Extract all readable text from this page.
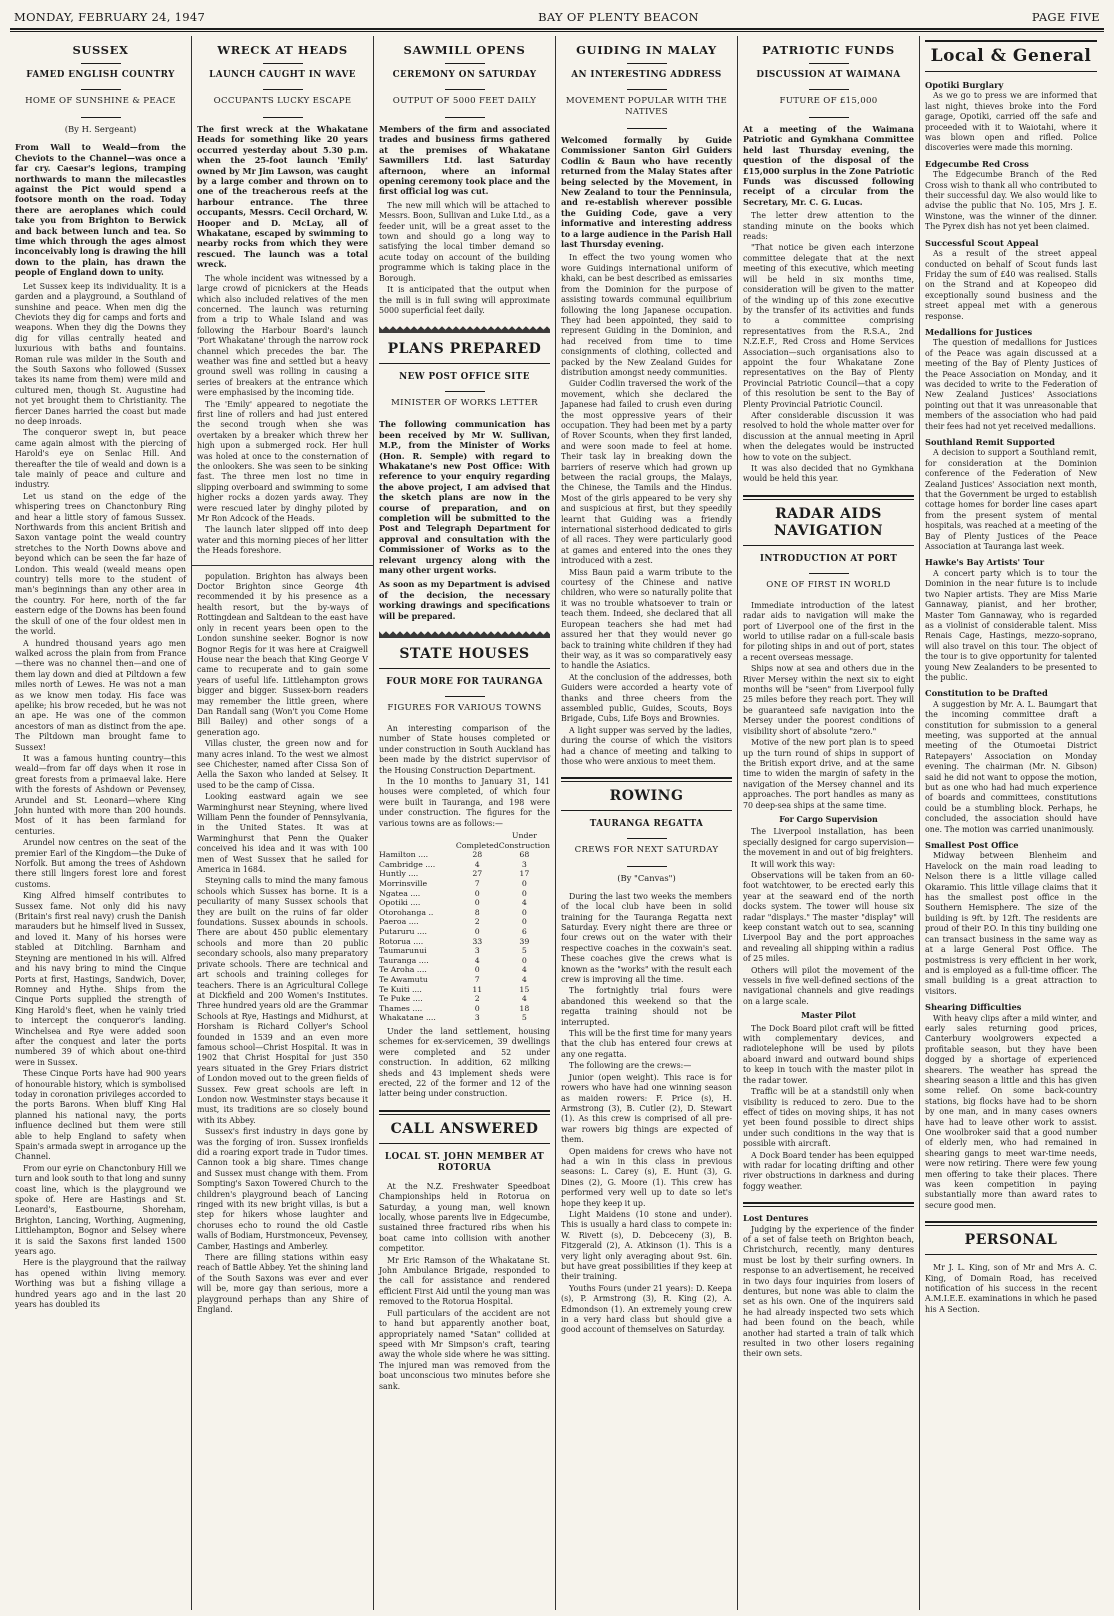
MONDAY, FEBRUARY 24, 1947	BAY OF PLENTY BEACON	PAGE FIVE
SUSSEX
FAMED ENGLISH COUNTRY
HOME OF SUNSHINE & PEACE
(By H. Sergeant)

From Wall to Weald—from the Cheviots to the Channel—was once a far cry. Caesar's legions, tramping northwards to mann the milecastles against the Pict would spend a footsore month on the road. Today there are aeroplanes which could take you from Brighton to Berwick and back between lunch and tea. So time which through the ages almost inconceivably long is drawing the hill down to the plain, has drawn the people of England down to unity.

Let Sussex keep its individuality. It is a garden and a playground, a Southland of sunshine and peace. When men dig the Cheviots they dig for camps and forts and weapons. When they dig the Downs they dig for villas centrally heated and luxurious with baths and fountains. Roman rule was milder in the South and the South Saxons who followed (Sussex takes its name from them) were mild and cultured men, though St. Augustine had not yet brought them to Christianity. The fiercer Danes harried the coast but made no deep inroads.

The conqueror swept in, but peace came again almost with the piercing of Harold's eye on Senlac Hill. And thereafter the tile of weald and down is a tale mainly of peace and culture and industry.

Let us stand on the edge of the whispering trees on Chanctonbury Ring and hear a little story of famous Sussex. Northwards from this ancient British and Saxon vantage point the weald country stretches to the North Downs above and beyond which can be seen the far haze of London. This weald (weald means open country) tells more to the student of man's beginnings than any other area in the country. For here, north of the far eastern edge of the Downs has been found the skull of one of the four oldest men in the world.

A hundred thousand years ago men walked across the plain from from France—there was no channel then—and one of them lay down and died at Piltdown a few miles north of Lewes. He was not a man as we know men today. His face was apelike; his brow receded, but he was not an ape. He was one of the common ancestors of man as distinct from the ape. The Piltdown man brought fame to Sussex!

It was a famous hunting country—this weald—from far off days when it rose in great forests from a primaeval lake. Here with the forests of Ashdown or Pevensey, Arundel and St. Leonard—where King John hunted with more than 200 hounds. Most of it has been farmland for centuries.

Arundel now centres on the seat of the premier Earl of the Kingdom—the Duke of Norfolk. But among the trees of Ashdown there still lingers forest lore and forest customs.

King Alfred himself contributes to Sussex fame. Not only did his navy (Britain's first real navy) crush the Danish marauders but he himself lived in Sussex, and loved it. Many of his horses were stabled at Ditchling. Barnham and Steyning are mentioned in his will. Alfred and his navy bring to mind the Cinque Ports at first, Hastings, Sandwich, Dover, Romney and Hythe. Ships from the Cinque Ports supplied the strength of King Harold's fleet, when he vainly tried to intercept the conqueror's landing. Winchelsea and Rye were added soon after the conquest and later the ports numbered 39 of which about one-third were in Sussex.

These Cinque Ports have had 900 years of honourable history, which is symbolised today in coronation privileges accorded to the ports Barons. When bluff King Hal planned his national navy, the ports influence declined but them were still able to help England to safety when Spain's armada swept in arrogance up the Channel.

From our eyrie on Chanctonbury Hill we turn and look south to that long and sunny coast line, which is the playground we spoke of. Here are Hastings and St. Leonard's, Eastbourne, Shoreham, Brighton, Lancing, Worthing, Augmening, Littlehampton, Bognor and Selsey where it is said the Saxons first landed 1500 years ago.

Here is the playground that the railway has opened within living memory. Worthing was but a fishing village a hundred years ago and in the last 20 years has doubled its

WRECK AT HEADS
LAUNCH CAUGHT IN WAVE
OCCUPANTS LUCKY ESCAPE

The first wreck at the Whakatane Heads for something like 20 years occurred yesterday about 5.30 p.m. when the 25-foot launch 'Emily' owned by Mr Jim Lawson, was caught by a large comber and thrown on to one of the treacherous reefs at the harbour entrance. The three occupants, Messrs. Cecil Orchard, W. Hooper and D. McLay, all of Whakatane, escaped by swimming to nearby rocks from which they were rescued. The launch was a total wreck.

The whole incident was witnessed by a large crowd of picnickers at the Heads which also included relatives of the men concerned. The launch was returning from a trip to Whale Island and was following the Harbour Board's launch 'Port Whakatane' through the narrow rock channel which precedes the bar. The weather was fine and settled but a heavy ground swell was rolling in causing a series of breakers at the entrance which were emphasised by the incoming tide.

The 'Emily' appeared to negotiate the first line of rollers and had just entered the second trough when she was overtaken by a breaker which threw her high upon a submerged rock. Her hull was holed at once to the consternation of the onlookers. She was seen to be sinking fast. The three men lost no time in slipping overboard and swimming to some higher rocks a dozen yards away. They were rescued later by dinghy piloted by Mr Ron Adcock of the Heads.

The launch later slipped off into deep water and this morning pieces of her litter the Heads foreshore.

population. Brighton has always been Doctor Brighton since George 4th recommended it by his presence as a health resort, but the by-ways of Rottingdean and Saltdean to the east have only in recent years been open to the London sunshine seeker. Bognor is now Bognor Regis for it was here at Craigwell House near the beach that King George V came to recuperate and to gain some years of useful life. Littlehampton grows bigger and bigger. Sussex-born readers may remember the little green, where Dan Randall sang (Won't you Come Home Bill Bailey) and other songs of a generation ago.

Villas cluster, the green now and for many acres inland. To the west we almost see Chichester, named after Cissa Son of Aella the Saxon who landed at Selsey. It used to be the camp of Cissa.

Looking eastward again we see Warminghurst near Steyning, where lived William Penn the founder of Pennsylvania, in the United States. It was at Warminghurst that Penn the Quaker conceived his idea and it was with 100 men of West Sussex that he sailed for America in 1684.

Steyning calls to mind the many famous schools which Sussex has borne. It is a peculiarity of many Sussex schools that they are built on the ruins of far older foundations. Sussex abounds in schools. There are about 450 public elementary schools and more than 20 public secondary schools, also many preparatory private schools. There are technical and art schools and training colleges for teachers. There is an Agricultural College at Dickfield and 200 Women's Institutes. Three hundred years old are the Grammar Schools at Rye, Hastings and Midhurst, at Horsham is Richard Collyer's School founded in 1539 and an even more famous school—Christ Hospital. It was in 1902 that Christ Hospital for just 350 years situated in the Grey Friars district of London moved out to the green fields of Sussex. Few great schools are left in London now. Westminster stays because it must, its traditions are so closely bound with its Abbey.

Sussex's first industry in days gone by was the forging of iron. Sussex ironfields did a roaring export trade in Tudor times. Cannon took a big share. Times change and Sussex must change with them. From Sompting's Saxon Towered Church to the children's playground beach of Lancing ringed with its new bright villas, is but a step for hikers whose laughter and choruses echo to round the old Castle walls of Bodiam, Hurstmonceux, Pevensey, Camber, Hastings and Amberley.

There are filling stations within easy reach of Battle Abbey. Yet the shining land of the South Saxons was ever and ever will be, more gay than serious, more a playground perhaps than any Shire of England.

SAWMILL OPENS
CEREMONY ON SATURDAY
OUTPUT OF 5000 FEET DAILY

Members of the firm and associated trades and business firms gathered at the premises of Whakatane Sawmillers Ltd. last Saturday afternoon, where an informal opening ceremony took place and the first official log was cut.

The new mill which will be attached to Messrs. Boon, Sullivan and Luke Ltd., as a feeder unit, will be a great asset to the town and should go a long way to satisfying the local timber demand so acute today on account of the building programme which is taking place in the Borough.

It is anticipated that the output when the mill is in full swing will approximate 5000 superficial feet daily.

PLANS PREPARED
NEW POST OFFICE SITE
MINISTER OF WORKS LETTER

The following communication has been received by Mr W. Sullivan, M.P., from the Minister of Works (Hon. R. Semple) with regard to Whakatane's new Post Office: With reference to your enquiry regarding the above project, I am advised that the sketch plans are now in the course of preparation, and on completion will be submitted to the Post and Telegraph Department for approval and consultation with the Commissioner of Works as to the relevant urgency along with the many other urgent works.

As soon as my Department is advised of the decision, the necessary working drawings and specifications will be prepared.

STATE HOUSES
FOUR MORE FOR TAURANGA
FIGURES FOR VARIOUS TOWNS

An interesting comparison of the number of State houses completed or under construction in South Auckland has been made by the district supervisor of the Housing Construction Department.

In the 10 months to January 31, 141 houses were completed, of which four were built in Tauranga, and 198 were under construction. The figures for the various towns are as follows:—

		Under
	Completed	Construction
Hamilton ....	28	68
Cambridge ....	4	3
Huntly ....	27	17
Morrinsville	7	0
Ngatea ....	0	0
Opotiki ....	0	4
Otorohanga ..	8	0
Paeroa ....	2	0
Putaruru ....	0	6
Rotorua ....	33	39
Taumarunui	3	5
Tauranga ....	4	0
Te Aroha ....	0	4
Te Awamutu	7	4
Te Kuiti ....	11	15
Te Puke ....	2	4
Thames ....	0	18
Whakatane ....	3	5

Under the land settlement, housing schemes for ex-servicemen, 39 dwellings were completed and 52 under construction. In addition, 62 milking sheds and 43 implement sheds were erected, 22 of the former and 12 of the latter being under construction.

CALL ANSWERED
LOCAL ST. JOHN MEMBER AT ROTORUA

At the N.Z. Freshwater Speedboat Championships held in Rotorua on Saturday, a young man, well known locally, whose parents live in Edgecumbe, sustained three fractured ribs when his boat came into collision with another competitor.

Mr Eric Ramson of the Whakatane St. John Ambulance Brigade, responded to the call for assistance and rendered efficient First Aid until the young man was removed to the Rotorua Hospital.

Full particulars of the accident are not to hand but apparently another boat, appropriately named "Satan" collided at speed with Mr Simpson's craft, tearing away the whole side where he was sitting. The injured man was removed from the boat unconscious two minutes before she sank.

GUIDING IN MALAY
AN INTERESTING ADDRESS
MOVEMENT POPULAR WITH THE NATIVES

Welcomed formally by Guide Commissioner Santon Girl Guiders Codlin & Baun who have recently returned from the Malay States after being selected by the Movement, in New Zealand to tour the Penninsula, and re-establish wherever possible the Guiding Code, gave a very informative and interesting address to a large audience in the Parish Hall last Thursday evening.

In effect the two young women who wore Guidings international uniform of khaki, can be best described as emissaries from the Dominion for the purpose of assisting towards communal equilibrium following the long Japanese occupation. They had been appointed, they said to represent Guiding in the Dominion, and had received from time to time consignments of clothing, collected and packed by the New Zealand Guides for distribution amongst needy communities.

Guider Codlin traversed the work of the movement, which she declared the Japanese had failed to crush even during the most oppressive years of their occupation. They had been met by a party of Rover Scounts, when they first landed, and were soon made to feel at home. Their task lay in breaking down the barriers of reserve which had grown up between the racial groups, the Malays, the Chinese, the Tamils and the Hindus. Most of the girls appeared to be very shy and suspicious at first, but they speedily learnt that Guiding was a friendly international sisterhood dedicated to girls of all races. They were particularly good at games and entered into the ones they introduced with a zest.

Miss Baun paid a warm tribute to the courtesy of the Chinese and native children, who were so naturally polite that it was no trouble whatsoever to train or teach them. Indeed, she declared that all European teachers she had met had assured her that they would never go back to training white children if they had their way, as it was so comparatively easy to handle the Asiatics.

At the conclusion of the addresses, both Guiders were accorded a hearty vote of thanks and three cheers from the assembled public, Guides, Scouts, Boys Brigade, Cubs, Life Boys and Brownies.

A light supper was served by the ladies, during the course of which the visitors had a chance of meeting and talking to those who were anxious to meet them.

ROWING
TAURANGA REGATTA
CREWS FOR NEXT SATURDAY
(By "Canvas")

During the last two weeks the members of the local club have been in solid training for the Tauranga Regatta next Saturday. Every night there are three or four crews out on the water with their respective coaches in the coxwain's seat. These coaches give the crews what is known as the "works" with the result each crew is improving all the time.

The fortnightly trial fours were abandoned this weekend so that the regatta training should not be interrupted.

This will be the first time for many years that the club has entered four crews at any one regatta.

The following are the crews:—

Junior (open weight). This race is for rowers who have had one winning season as maiden rowers: F. Price (s), H. Armstrong (3), B. Cutler (2), D. Stewart (1). As this crew is comprised of all pre-war rowers big things are expected of them.

Open maidens for crews who have not had a win in this class in previous seasons: L. Carey (s), E. Hunt (3), G. Dines (2), G. Moore (1). This crew has performed very well up to date so let's hope they keep it up.

Light Maidens (10 stone and under). This is usually a hard class to compete in: W. Rivett (s), D. Debceceny (3), B. Fitzgerald (2), A. Atkinson (1). This is a very light only averaging about 9st. 6in. but have great possibilities if they keep at their training.

Youths Fours (under 21 years): D. Keepa (s), P. Armstrong (3), R. King (2), A. Edmondson (1). An extremely young crew in a very hard class but should give a good account of themselves on Saturday.

PATRIOTIC FUNDS
DISCUSSION AT WAIMANA
FUTURE OF £15,000

At a meeting of the Waimana Patriotic and Gymkhana Committee held last Thursday evening, the question of the disposal of the £15,000 surplus in the Zone Patriotic Funds was discussed following receipt of a circular from the Secretary, Mr. C. G. Lucas.

The letter drew attention to the standing minute on the books which reads:

"That notice be given each interzone committee delegate that at the next meeting of this executive, which meeting will be held in six months time, consideration will be given to the matter of the winding up of this zone executive by the transfer of its activities and funds to a committee comprising representatives from the R.S.A., 2nd N.Z.E.F., Red Cross and Home Services Association—such organisations also to appoint the four Whakatane Zone representatives on the Bay of Plenty Provincial Patriotic Council—that a copy of this resolution be sent to the Bay of Plenty Provincial Patriotic Council.

After considerable discussion it was resolved to hold the whole matter over for discussion at the annual meeting in April when the delegates would be instructed how to vote on the subject.

It was also decided that no Gymkhana would be held this year.

RADAR AIDS NAVIGATION
INTRODUCTION AT PORT
ONE OF FIRST IN WORLD

Immediate introduction of the latest radar aids to navigation will make the port of Liverpool one of the first in the world to utilise radar on a full-scale basis for piloting ships in and out of port, states a recent overseas message.

Ships now at sea and others due in the River Mersey within the next six to eight months will be "seen" from Liverpool fully 25 miles before they reach port. They will be guaranteed safe navigation into the Mersey under the poorest conditions of visibility short of absolute "zero."

Motive of the new port plan is to speed up the turn round of ships in support of the British export drive, and at the same time to widen the margin of safety in the navigation of the Mersey channel and its approaches. The port handles as many as 70 deep-sea ships at the same time.

For Cargo Supervision

The Liverpool installation, has been specially designed for cargo supervision—the movement in and out of big freighters.

It will work this way:

Observations will be taken from an 60-foot watchtower, to be erected early this year at the seaward end of the north docks system. The tower will house six radar "displays." The master "display" will keep constant watch out to sea, scanning Liverpool Bay and the port approaches and revealing all shipping within a radius of 25 miles.

Others will pilot the movement of the vessels in five well-defined sections of the navigational channels and give readings on a large scale.

Master Pilot

The Dock Board pilot craft will be fitted with complementary devices, and radiotelephone will be used by pilots aboard inward and outward bound ships to keep in touch with the master pilot in the radar tower.

Traffic will be at a standstill only when visibility is reduced to zero. Due to the effect of tides on moving ships, it has not yet been found possible to direct ships under such conditions in the way that is possible with aircraft.

A Dock Board tender has been equipped with radar for locating drifting and other river obstructions in darkness and during foggy weather.

Lost Dentures

Judging by the experience of the finder of a set of false teeth on Brighton beach, Christchurch, recently, many dentures must be lost by their surfing owners. In response to an advertisement, he received in two days four inquiries from losers of dentures, but none was able to claim the set as his own. One of the inquirers said he had already inspected two sets which had been found on the beach, while another had started a train of talk which resulted in two other losers regaining their own sets.

Local & General

Opotiki Burglary

As we go to press we are informed that last night, thieves broke into the Ford garage, Opotiki, carried off the safe and proceeded with it to Waiotahi, where it was blown open and rifled. Police discoveries were made this morning.

Edgecumbe Red Cross

The Edgecumbe Branch of the Red Cross wish to thank all who contributed to their successful day. We also would like to advise the public that No. 105, Mrs J. E. Winstone, was the winner of the dinner. The Pyrex dish has not yet been claimed.

Successful Scout Appeal

As a result of the street appeal conducted on behalf of Scout funds last Friday the sum of £40 was realised. Stalls on the Strand and at Kopeopeo did exceptionally sound business and the street appeal met with a generous response.

Medallions for Justices

The question of medallions for Justices of the Peace was again discussed at a meeting of the Bay of Plenty Justices of the Peace Association on Monday, and it was decided to write to the Federation of New Zealand Justices' Associations pointing out that it was unreasonable that members of the association who had paid their fees had not yet received medallions.

Southland Remit Supported

A decision to support a Southland remit, for consideration at the Dominion conference of the Federation of New Zealand Justices' Association next month, that the Government be urged to establish cottage homes for border line cases apart from the present system of mental hospitals, was reached at a meeting of the Bay of Plenty Justices of the Peace Association at Tauranga last week.

Hawke's Bay Artists' Tour

A concert party which is to tour the Dominion in the near future is to include two Napier artists. They are Miss Marie Gannaway, pianist, and her brother, Master Tom Gannaway, who is regarded as a violinist of considerable talent. Miss Renais Cage, Hastings, mezzo-soprano, will also travel on this tour. The object of the tour is to give opportunity for talented young New Zealanders to be presented to the public.

Constitution to be Drafted

A suggestion by Mr. A. L. Baumgart that the incoming committee draft a constitution for submission to a general meeting, was supported at the annual meeting of the Otumoetai District Ratepayers' Association on Monday evening. The chairman (Mr. N. Gibson) said he did not want to oppose the motion, but as one who had had much experience of boards and committees, constitutions could be a stumbling block. Perhaps, he concluded, the association should have one. The motion was carried unanimously.

Smallest Post Office

Midway between Blenheim and Havelock on the main road leading to Nelson there is a little village called Okaramio. This little village claims that it has the smallest post office in the Southern Hemisphere. The size of the building is 9ft. by 12ft. The residents are proud of their P.O. In this tiny building one can transact business in the same way as at a large General Post Office. The postmistress is very efficient in her work, and is employed as a full-time officer. The small building is a great attraction to visitors.

Shearing Difficulties

With heavy clips after a mild winter, and early sales returning good prices, Canterbury woolgrowers expected a profitable season, but they have been dogged by a shortage of experienced shearers. The weather has spread the shearing season a little and this has given some relief. On some back-country stations, big flocks have had to be shorn by one man, and in many cases owners have had to leave other work to assist. One woolbroker said that a good number of elderly men, who had remained in shearing gangs to meet war-time needs, were now retiring. There were few young men offering to take their places. There was keen competition in paying substantially more than award rates to secure good men.

PERSONAL

Mr J. L. King, son of Mr and Mrs A. C. King, of Domain Road, has received notification of his success in the recent A.M.I.E.E. examinations in which he pased his A Section.
